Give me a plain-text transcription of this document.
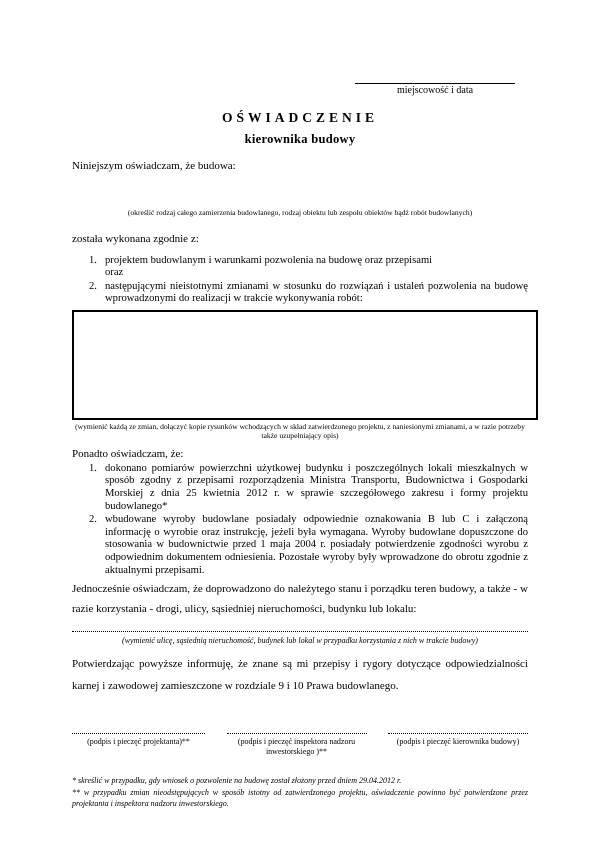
miejscowość i data
OŚWIADCZENIE
kierownika budowy
Niniejszym oświadczam, że budowa:
(określić rodzaj całego zamierzenia budowlanego, rodzaj obiektu lub zespołu obiektów bądź robót budowlanych)
została wykonana zgodnie z:
1. projektem budowlanym i warunkami pozwolenia na budowę oraz przepisami
oraz
2. następującymi nieistotnymi zmianami w stosunku do rozwiązań i ustaleń pozwolenia na budowę wprowadzonymi do realizacji w trakcie wykonywania robót:
(wymienić każdą ze zmian, dołączyć kopie rysunków wchodzących w skład zatwierdzonego projektu, z naniesionymi zmianami, a w razie potrzeby także uzupełniający opis)
Ponadto oświadczam, że:
1. dokonano pomiarów powierzchni użytkowej budynku i poszczególnych lokali mieszkalnych w sposób zgodny z przepisami rozporządzenia Ministra Transportu, Budownictwa i Gospodarki Morskiej z dnia 25 kwietnia 2012 r. w sprawie szczegółowego zakresu i formy projektu budowlanego*
2. wbudowane wyroby budowlane posiadały odpowiednie oznakowania B lub C i załączoną informację o wyrobie oraz instrukcję, jeżeli była wymagana. Wyroby budowlane dopuszczone do stosowania w budownictwie przed 1 maja 2004 r. posiadały potwierdzenie zgodności wyrobu z odpowiednim dokumentem odniesienia. Pozostałe wyroby były wprowadzone do obrotu zgodnie z aktualnymi przepisami.
Jednocześnie oświadczam, że doprowadzono do należytego stanu i porządku teren budowy, a także - w razie korzystania - drogi, ulicy, sąsiedniej nieruchomości, budynku lub lokalu:
(wymienić ulicę, sąsiednią nieruchomość, budynek lub lokal w przypadku korzystania z nich w trakcie budowy)
Potwierdzając powyższe informuję, że znane są mi przepisy i rygory dotyczące odpowiedzialności karnej i zawodowej zamieszczone w rozdziale 9 i 10 Prawa budowlanego.
(podpis i pieczęć projektanta)**	(podpis i pieczęć inspektora nadzoru inwestorskiego )**
(podpis i pieczęć kierownika budowy)

* skreślić w przypadku, gdy wniosek o pozwolenie na budowę został złożony przed dniem 29.04.2012 r.

** w przypadku zmian nieodstępujących w sposób istotny od zatwierdzonego projektu, oświadczenie powinno być potwierdzone przez projektanta i inspektora nadzoru inwestorskiego.
